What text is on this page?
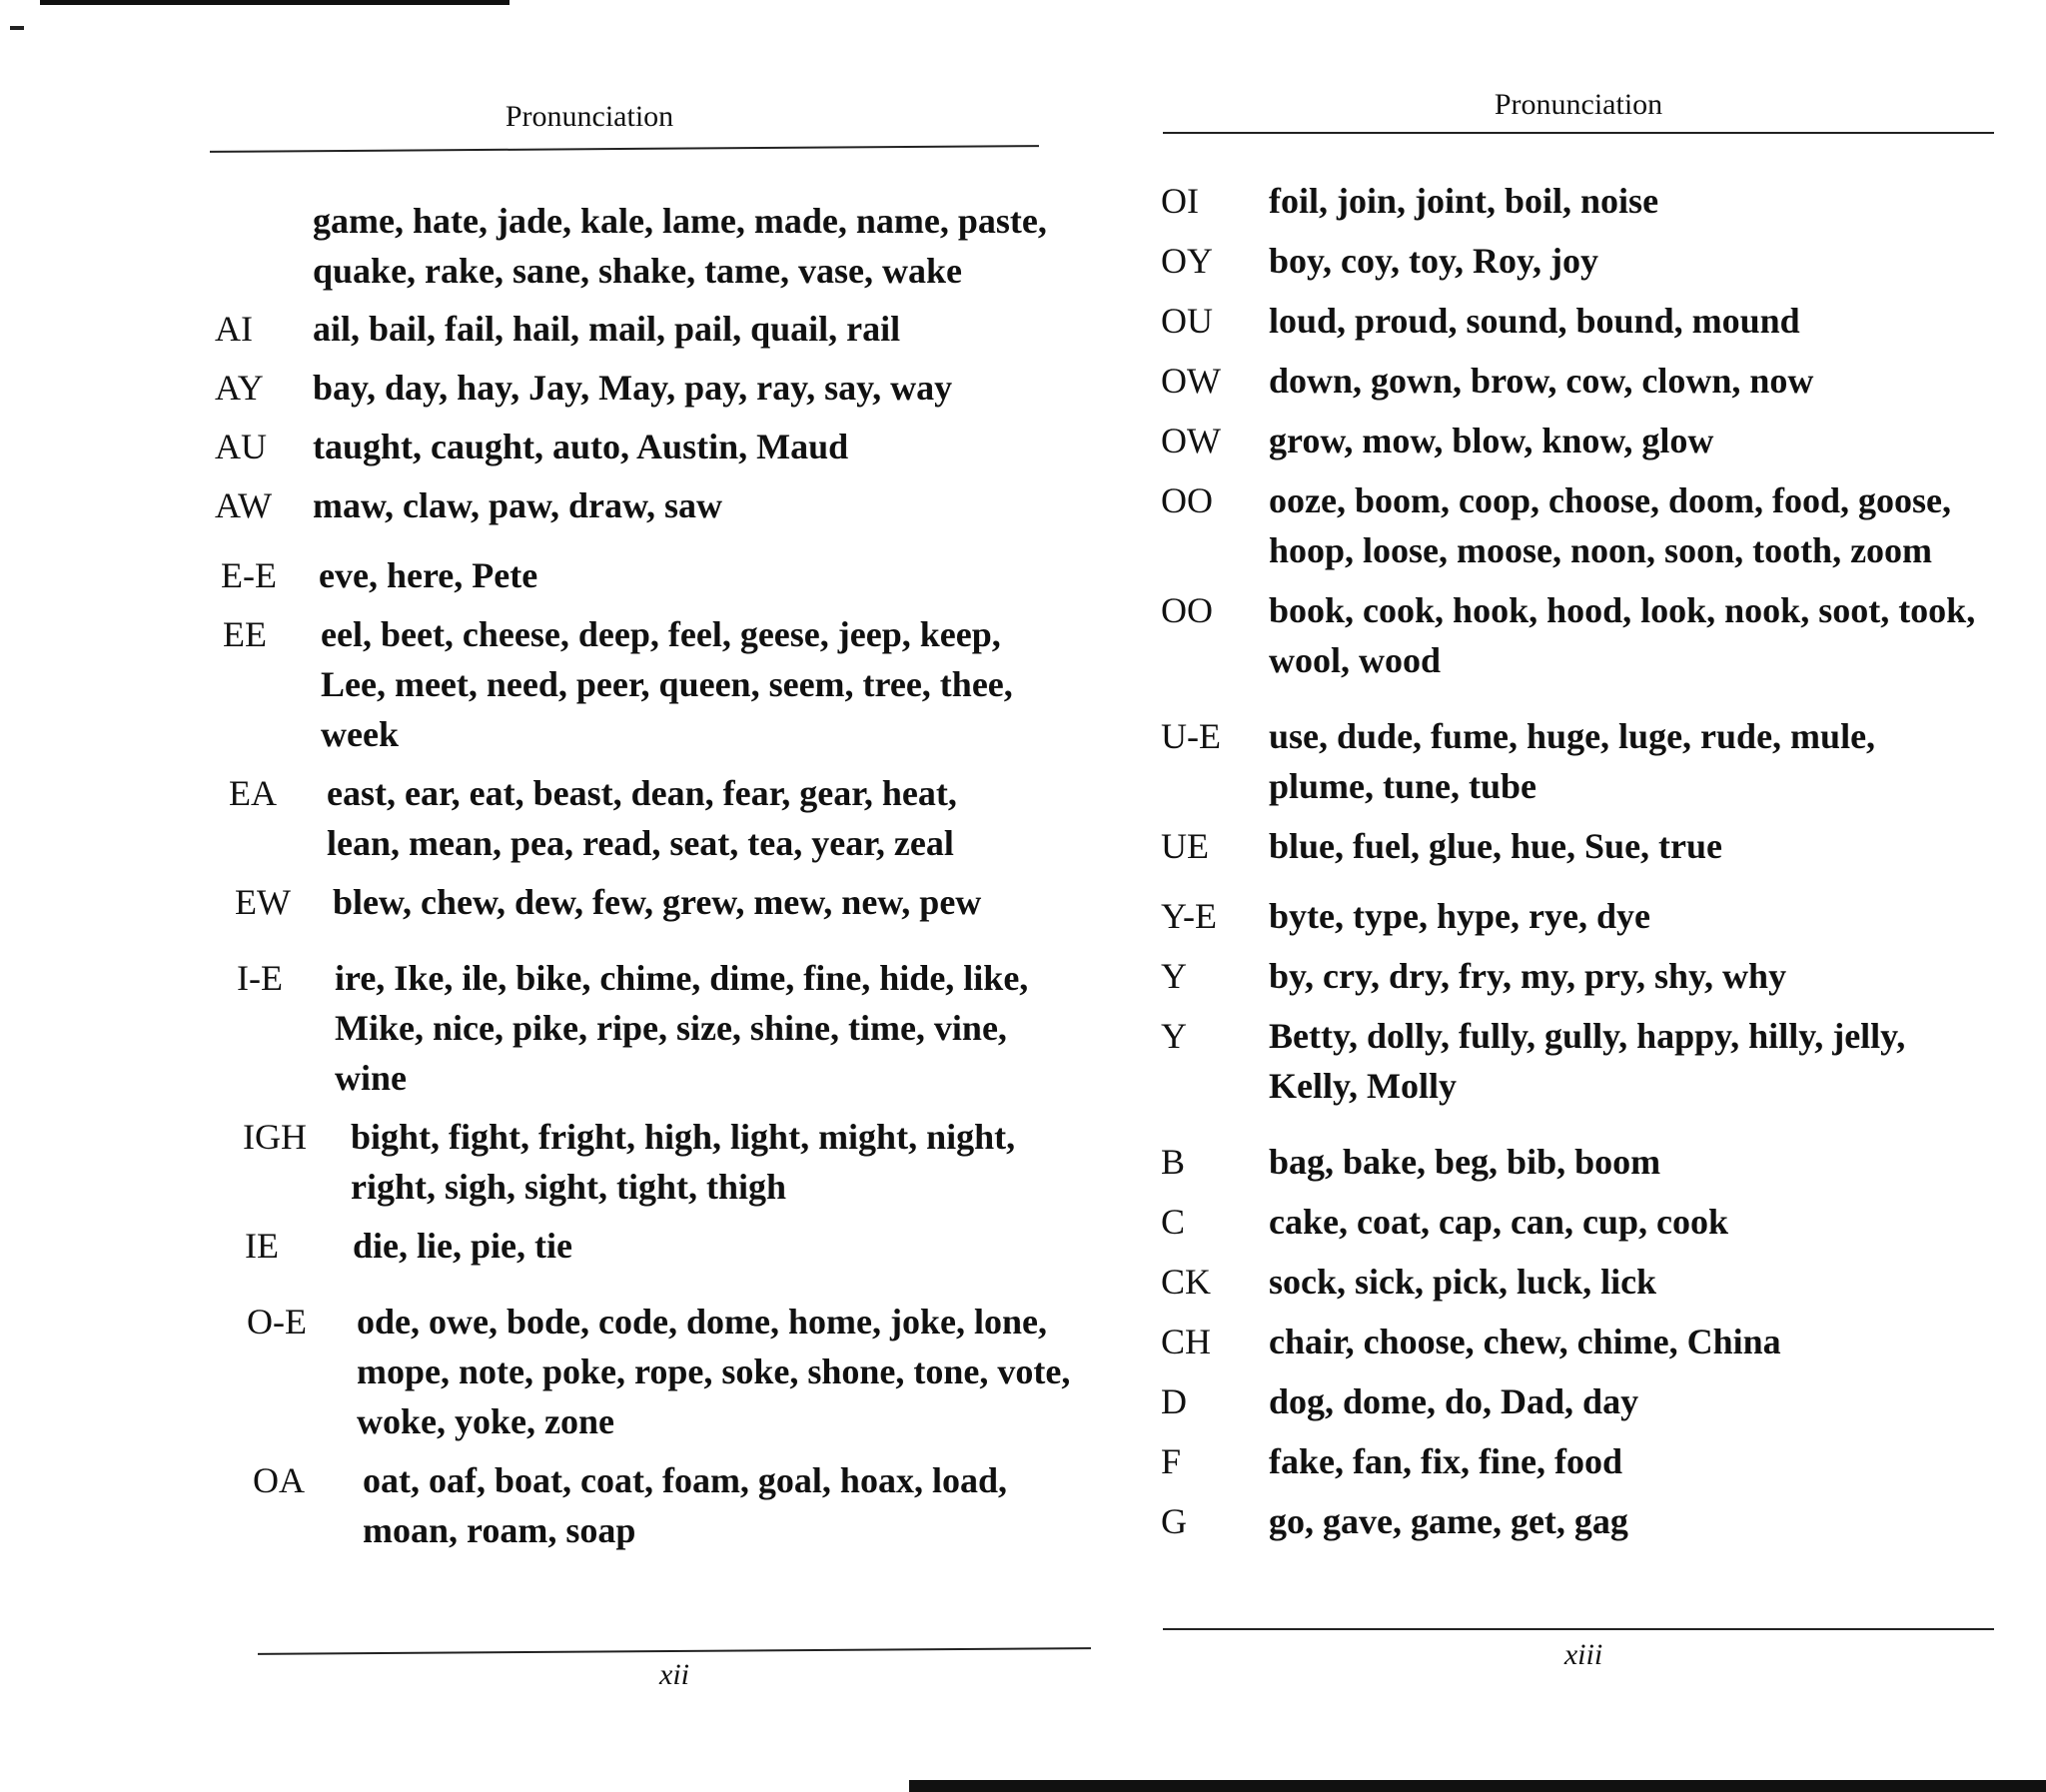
Pronunciation
game, hate, jade, kale, lame, made, name, paste, quake, rake, sane, shake, tame, vase, wake
AI	ail, bail, fail, hail, mail, pail, quail, rail
AY	bay, day, hay, Jay, May, pay, ray, say, way
AU	taught, caught, auto, Austin, Maud
AW	maw, claw, paw, draw, saw
E-E	eve, here, Pete
EE	eel, beet, cheese, deep, feel, geese, jeep, keep, Lee, meet, need, peer, queen, seem, tree, thee, week
EA	east, ear, eat, beast, dean, fear, gear, heat, lean, mean, pea, read, seat, tea, year, zeal
EW	blew, chew, dew, few, grew, mew, new, pew
I-E	ire, Ike, ile, bike, chime, dime, fine, hide, like, Mike, nice, pike, ripe, size, shine, time, vine, wine
IGH	bight, fight, fright, high, light, might, night, right, sigh, sight, tight, thigh
IE	die, lie, pie, tie
O-E	ode, owe, bode, code, dome, home, joke, lone, mope, note, poke, rope, soke, shone, tone, vote, woke, yoke, zone
OA	oat, oaf, boat, coat, foam, goal, hoax, load, moan, roam, soap
xii
Pronunciation
OI	foil, join, joint, boil, noise
OY	boy, coy, toy, Roy, joy
OU	loud, proud, sound, bound, mound
OW	down, gown, brow, cow, clown, now
OW	grow, mow, blow, know, glow
OO	ooze, boom, coop, choose, doom, food, goose, hoop, loose, moose, noon, soon, tooth, zoom
OO	book, cook, hook, hood, look, nook, soot, took, wool, wood
U-E	use, dude, fume, huge, luge, rude, mule, plume, tune, tube
UE	blue, fuel, glue, hue, Sue, true
Y-E	byte, type, hype, rye, dye
Y	by, cry, dry, fry, my, pry, shy, why
Y	Betty, dolly, fully, gully, happy, hilly, jelly, Kelly, Molly
B	bag, bake, beg, bib, boom
C	cake, coat, cap, can, cup, cook
CK	sock, sick, pick, luck, lick
CH	chair, choose, chew, chime, China
D	dog, dome, do, Dad, day
F	fake, fan, fix, fine, food
G	go, gave, game, get, gag
xiii
